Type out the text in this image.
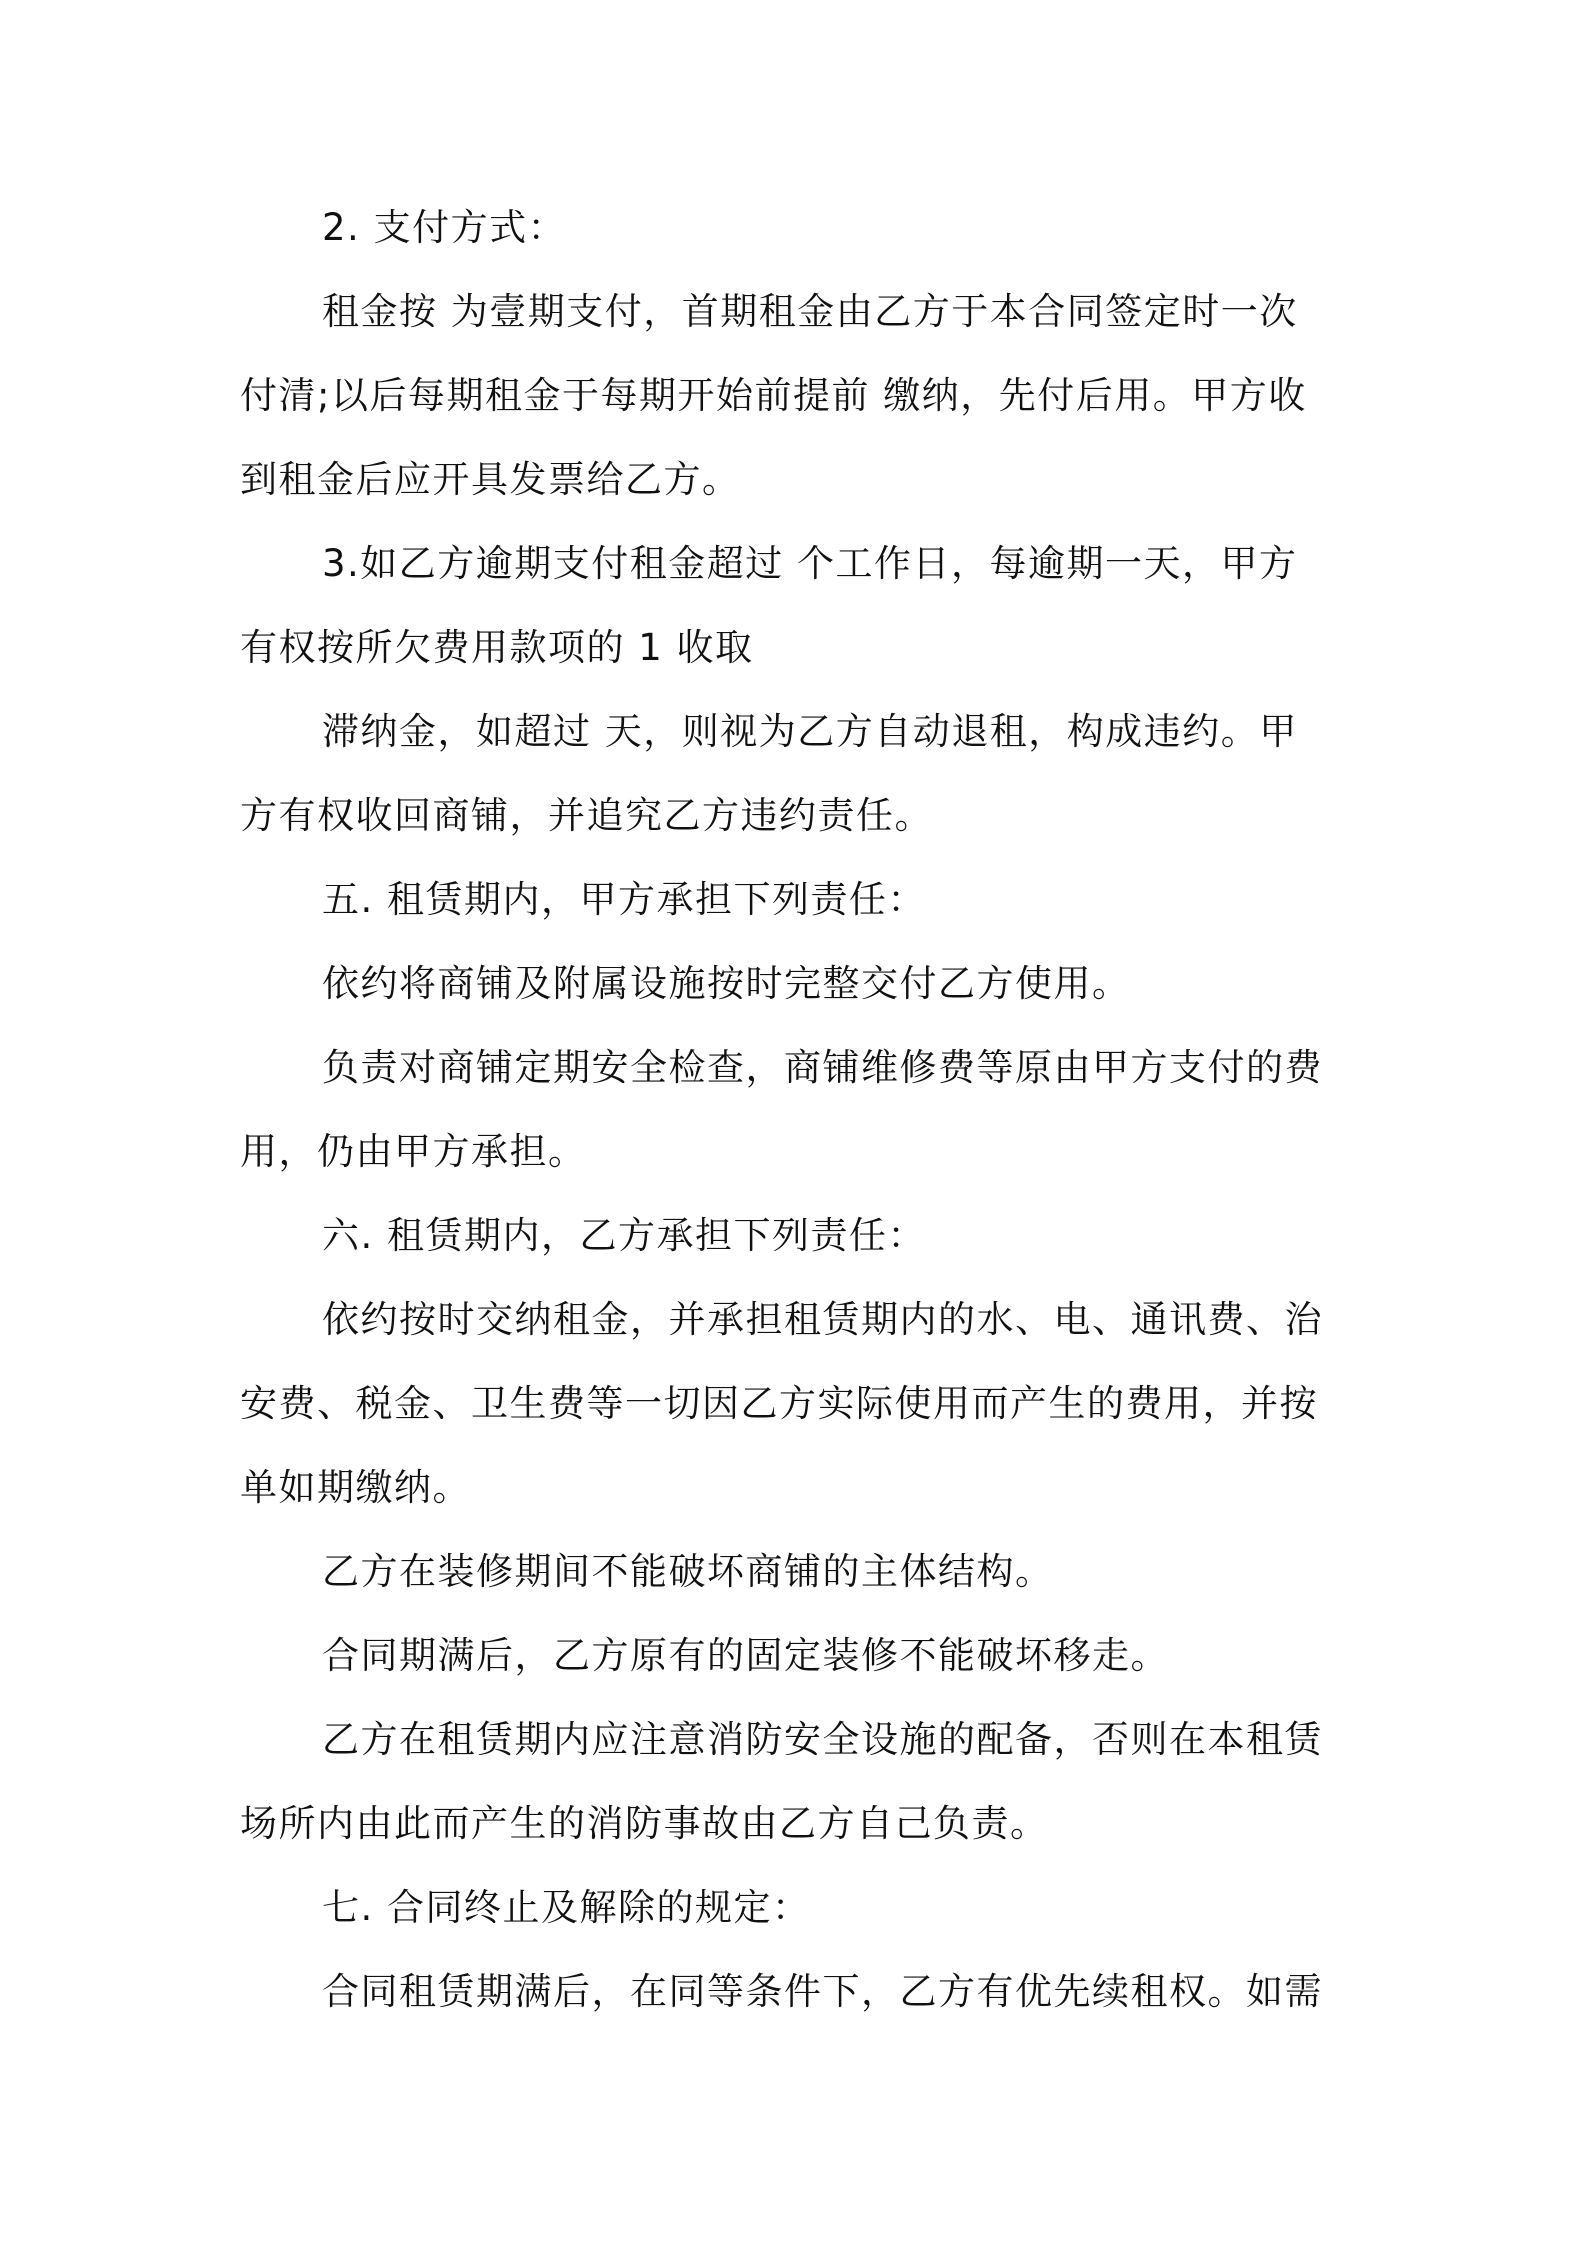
2. 支付方式：
租金按 为壹期支付，首期租金由乙方于本合同签定时一次
付清;以后每期租金于每期开始前提前 缴纳，先付后用。甲方收
到租金后应开具发票给乙方。
3.如乙方逾期支付租金超过 个工作日，每逾期一天，甲方
有权按所欠费用款项的 1 收取
滞纳金，如超过 天，则视为乙方自动退租，构成违约。甲
方有权收回商铺，并追究乙方违约责任。
五. 租赁期内，甲方承担下列责任：
依约将商铺及附属设施按时完整交付乙方使用。
负责对商铺定期安全检查，商铺维修费等原由甲方支付的费
用，仍由甲方承担。
六. 租赁期内，乙方承担下列责任：
依约按时交纳租金，并承担租赁期内的水、电、通讯费、治
安费、税金、卫生费等一切因乙方实际使用而产生的费用，并按
单如期缴纳。
乙方在装修期间不能破坏商铺的主体结构。
合同期满后，乙方原有的固定装修不能破坏移走。
乙方在租赁期内应注意消防安全设施的配备，否则在本租赁
场所内由此而产生的消防事故由乙方自己负责。
七. 合同终止及解除的规定：
合同租赁期满后，在同等条件下，乙方有优先续租权。如需
